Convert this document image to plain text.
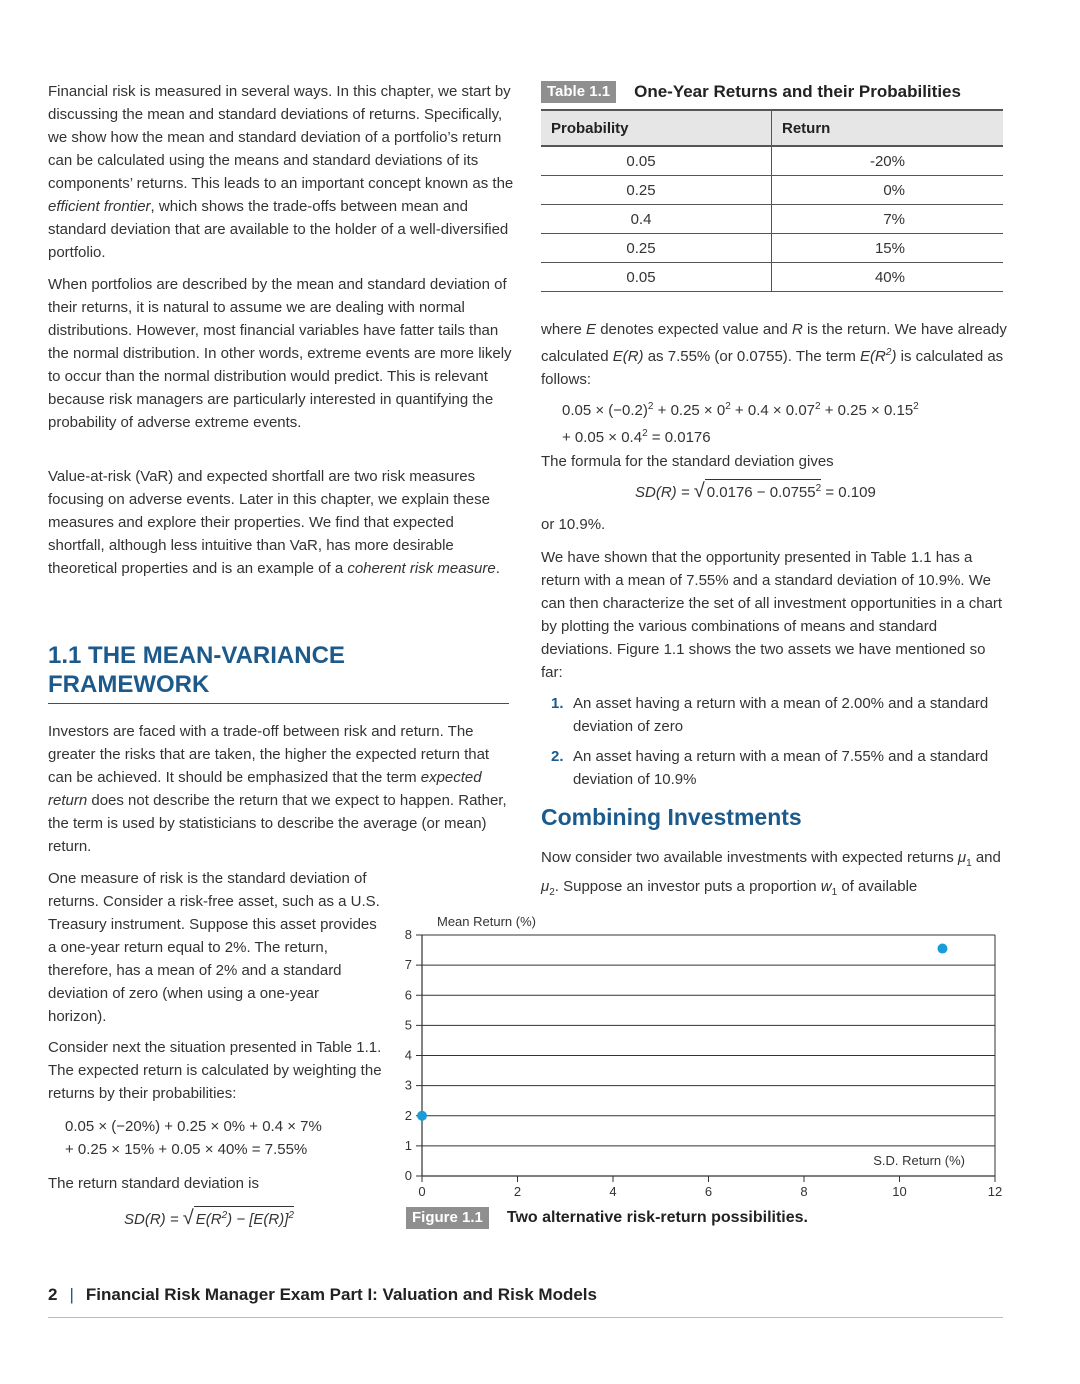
Financial risk is measured in several ways. In this chapter, we start by discussing the mean and standard deviations of returns. Specifically, we show how the mean and standard deviation of a portfolio’s return can be calculated using the means and standard deviations of its components’ returns. This leads to an important concept known as the efficient frontier, which shows the trade-offs between mean and standard deviation that are available to the holder of a well-diversified portfolio.

When portfolios are described by the mean and standard deviation of their returns, it is natural to assume we are dealing with normal distributions. However, most financial variables have fatter tails than the normal distribution. In other words, extreme events are more likely to occur than the normal distribution would predict. This is relevant because risk managers are particularly interested in quantifying the probability of adverse extreme events.

Value-at-risk (VaR) and expected shortfall are two risk measures focusing on adverse events. Later in this chapter, we explain these measures and explore their properties. We find that expected shortfall, although less intuitive than VaR, has more desirable theoretical properties and is an example of a coherent risk measure.

1.1 THE MEAN-VARIANCE FRAMEWORK

Investors are faced with a trade-off between risk and return. The greater the risks that are taken, the higher the expected return that can be achieved. It should be emphasized that the term expected return does not describe the return that we expect to happen. Rather, the term is used by statisticians to describe the average (or mean) return.

One measure of risk is the standard deviation of returns. Consider a risk-free asset, such as a U.S. Treasury instrument. Suppose this asset provides a one-year return equal to 2%. The return, therefore, has a mean of 2% and a standard deviation of zero (when using a one-year horizon).

Consider next the situation presented in Table 1.1. The expected return is calculated by weighting the returns by their probabilities:

0.05 × (−20%) + 0.25 × 0% + 0.4 × 7%
+ 0.25 × 15% + 0.05 × 40% = 7.55%

The return standard deviation is

SD(R) = √ $E(R^2) - [E(R)]^2$
Table 1.1	One-Year Returns and their Probabilities
Probability	Return
0.05	-20%
0.25	0%
0.4	7%
0.25	15%
0.05	40%

where E denotes expected value and R is the return. We have already calculated E(R) as 7.55% (or 0.0755). The term $E(R^2)$ is calculated as follows:

$0.05 \times (-0.2)^2 + 0.25 \times 0^2 + 0.4 \times 0.07^2 + 0.25 \times 0.15^2$
+ $0.05 \times 0.4^2 = 0.0176$

The formula for the standard deviation gives

SD(R) = √ $0.0176 - 0.0755^2 = 0.109$

or 10.9%.

We have shown that the opportunity presented in Table 1.1 has a return with a mean of 7.55% and a standard deviation of 10.9%. We can then characterize the set of all investment opportunities in a chart by plotting the various combinations of means and standard deviations. Figure 1.1 shows the two assets we have mentioned so far:

1. An asset having a return with a mean of 2.00% and a standard deviation of zero
2. An asset having a return with a mean of 7.55% and a standard deviation of 10.9%
Combining Investments

Now consider two available investments with expected returns $\mu_1$ and $\mu_2$. Suppose an investor puts a proportion $w_1$ of available

0
1
2
3
4
5
6
7
8
0	2	4	6	8	10	12
Mean Return (%)
S.D. Return (%)
Figure 1.1	Two alternative risk-return possibilities.
2 | Financial Risk Manager Exam Part I: Valuation and Risk Models
